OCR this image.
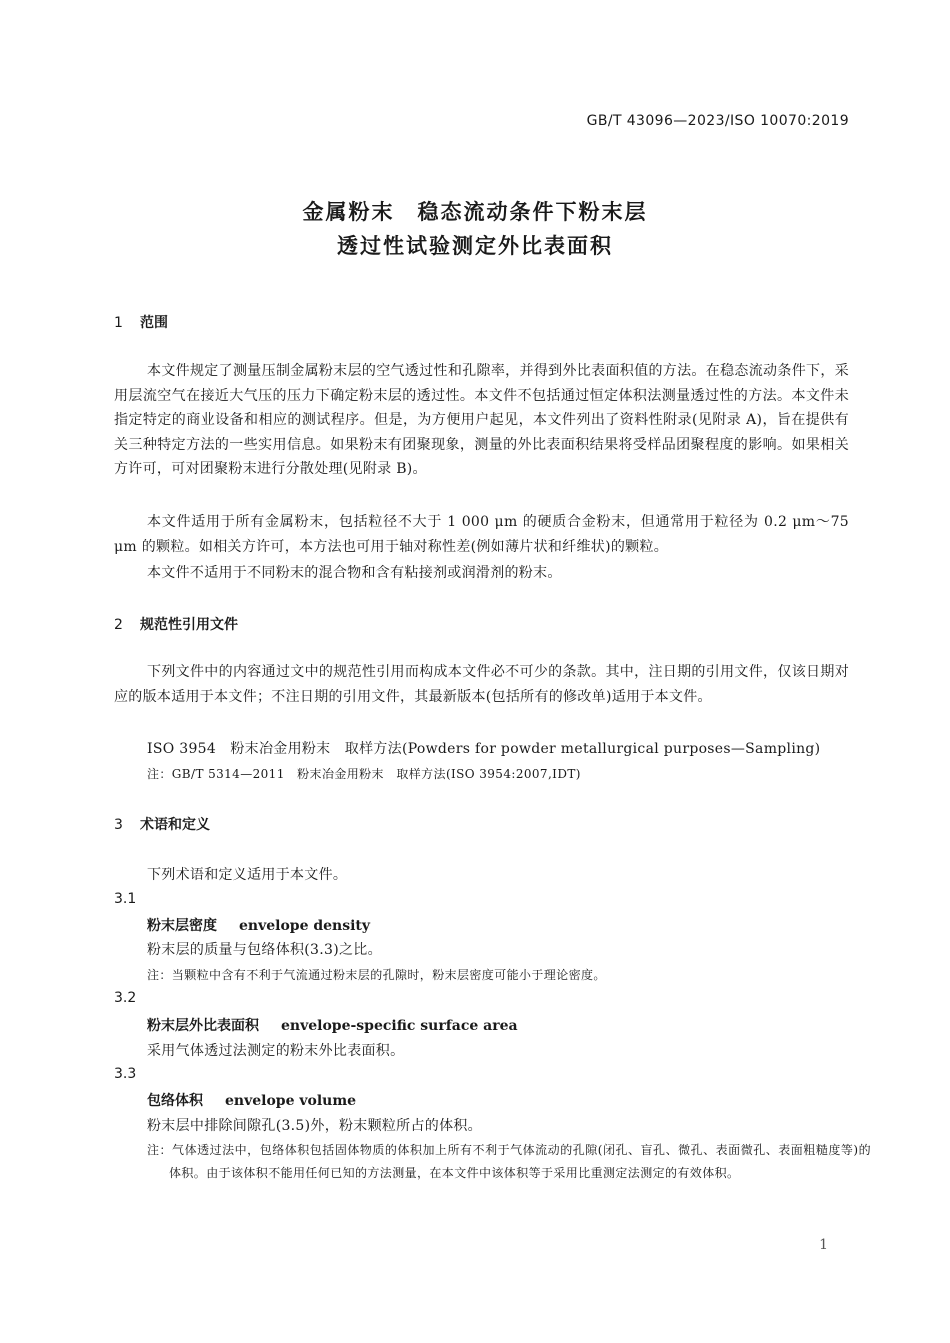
GB/T 43096—2023/ISO 10070:2019
金属粉末　稳态流动条件下粉末层
透过性试验测定外比表面积
1 范围
本文件规定了测量压制金属粉末层的空气透过性和孔隙率，并得到外比表面积值的方法。在稳态流动条件下，采用层流空气在接近大气压的压力下确定粉末层的透过性。本文件不包括通过恒定体积法测量透过性的方法。本文件未指定特定的商业设备和相应的测试程序。但是，为方便用户起见，本文件列出了资料性附录(见附录 A)，旨在提供有关三种特定方法的一些实用信息。如果粉末有团聚现象，测量的外比表面积结果将受样品团聚程度的影响。如果相关方许可，可对团聚粉末进行分散处理(见附录 B)。
本文件适用于所有金属粉末，包括粒径不大于 1 000 μm 的硬质合金粉末，但通常用于粒径为 0.2 μm～75 μm 的颗粒。如相关方许可，本方法也可用于轴对称性差(例如薄片状和纤维状)的颗粒。
本文件不适用于不同粉末的混合物和含有粘接剂或润滑剂的粉末。
2 规范性引用文件
下列文件中的内容通过文中的规范性引用而构成本文件必不可少的条款。其中，注日期的引用文件，仅该日期对应的版本适用于本文件；不注日期的引用文件，其最新版本(包括所有的修改单)适用于本文件。
ISO 3954　粉末冶金用粉末　取样方法(Powders for powder metallurgical purposes—Sampling)
注：GB/T 5314—2011　粉末冶金用粉末　取样方法(ISO 3954:2007,IDT)
3 术语和定义
下列术语和定义适用于本文件。
3.1
粉末层密度 envelope density
粉末层的质量与包络体积(3.3)之比。
注：当颗粒中含有不利于气流通过粉末层的孔隙时，粉末层密度可能小于理论密度。
3.2
粉末层外比表面积 envelope-specific surface area
采用气体透过法测定的粉末外比表面积。
3.3
包络体积 envelope volume
粉末层中排除间隙孔(3.5)外，粉末颗粒所占的体积。
注：气体透过法中，包络体积包括固体物质的体积加上所有不利于气体流动的孔隙(闭孔、盲孔、微孔、表面微孔、表面粗糙度等)的体积。由于该体积不能用任何已知的方法测量，在本文件中该体积等于采用比重测定法测定的有效体积。
1
